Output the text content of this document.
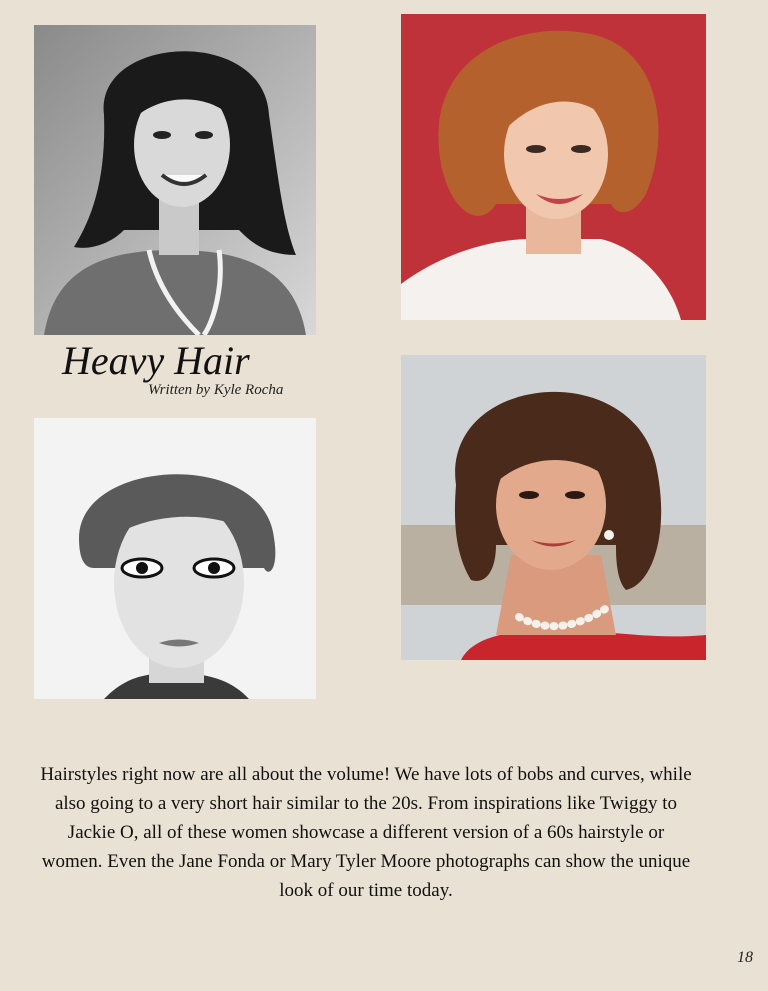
Heavy Hair
Written by Kyle Rocha

Hairstyles right now are all about the volume! We have lots of bobs and curves, while also going to a very short hair similar to the 20s. From inspirations like Twiggy to Jackie O, all of these women showcase a different version of a 60s hairstyle or women. Even the Jane Fonda or Mary Tyler Moore photographs can show the unique look of our time today.

18
